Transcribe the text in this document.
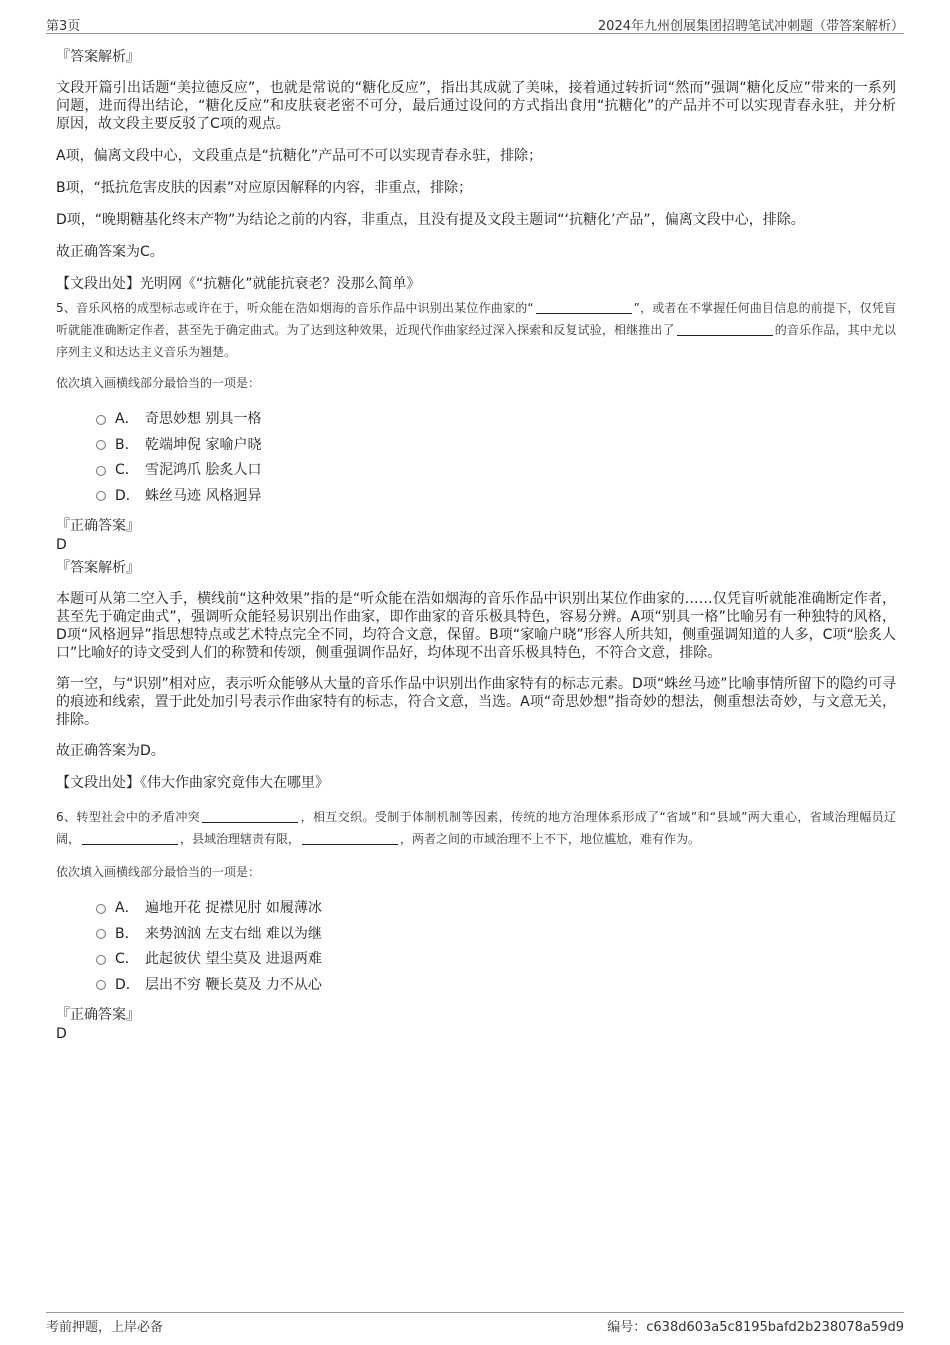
第3页	2024年九州创展集团招聘笔试冲刺题（带答案解析）

『答案解析』

文段开篇引出话题“美拉德反应”，也就是常说的“糖化反应”，指出其成就了美味，接着通过转折词“然而”强调“糖化反应”带来的一系列问题，进而得出结论，“糖化反应”和皮肤衰老密不可分，最后通过设问的方式指出食用“抗糖化”的产品并不可以实现青春永驻，并分析原因，故文段主要反驳了C项的观点。

A项，偏离文段中心，文段重点是“抗糖化”产品可不可以实现青春永驻，排除；

B项，“抵抗危害皮肤的因素”对应原因解释的内容，非重点，排除；

D项，“晚期糖基化终末产物”为结论之前的内容，非重点，且没有提及文段主题词“‘抗糖化’产品”，偏离文段中心，排除。

故正确答案为C。

【文段出处】光明网《“抗糖化”就能抗衰老？没那么简单》

5、音乐风格的成型标志或许在于，听众能在浩如烟海的音乐作品中识别出某位作曲家的“	”，或者在不掌握任何曲目信息的前提下，仅凭盲听就能准确断定作者，甚至先于确定曲式。为了达到这种效果，近现代作曲家经过深入探索和反复试验，相继推出了	的音乐作品，其中尤以序列主义和达达主义音乐为翘楚。

依次填入画横线部分最恰当的一项是：

A． 奇思妙想 别具一格
B． 乾端坤倪 家喻户晓
C． 雪泥鸿爪 脍炙人口
D． 蛛丝马迹 风格迥异

『正确答案』

D

『答案解析』

本题可从第二空入手，横线前“这种效果”指的是“听众能在浩如烟海的音乐作品中识别出某位作曲家的……仅凭盲听就能准确断定作者，甚至先于确定曲式”，强调听众能轻易识别出作曲家，即作曲家的音乐极具特色，容易分辨。A项“别具一格”比喻另有一种独特的风格，D项“风格迥异”指思想特点或艺术特点完全不同，均符合文意，保留。B项“家喻户晓”形容人所共知，侧重强调知道的人多，C项“脍炙人口”比喻好的诗文受到人们的称赞和传颂，侧重强调作品好，均体现不出音乐极具特色，不符合文意，排除。

第一空，与“识别”相对应，表示听众能够从大量的音乐作品中识别出作曲家特有的标志元素。D项“蛛丝马迹”比喻事情所留下的隐约可寻的痕迹和线索，置于此处加引号表示作曲家特有的标志，符合文意，当选。A项“奇思妙想”指奇妙的想法，侧重想法奇妙，与文意无关，排除。

故正确答案为D。

【文段出处】《伟大作曲家究竟伟大在哪里》

6、转型社会中的矛盾冲突	，相互交织。受制于体制机制等因素，传统的地方治理体系形成了“省域”和“县域”两大重心，省域治理幅员辽阔，	，县域治理辖责有限，	，两者之间的市域治理不上不下，地位尴尬，难有作为。

依次填入画横线部分最恰当的一项是：

A． 遍地开花 捉襟见肘 如履薄冰
B． 来势汹汹 左支右绌 难以为继
C． 此起彼伏 望尘莫及 进退两难
D． 层出不穷 鞭长莫及 力不从心

『正确答案』

D

考前押题，上岸必备	编号：c638d603a5c8195bafd2b238078a59d9
